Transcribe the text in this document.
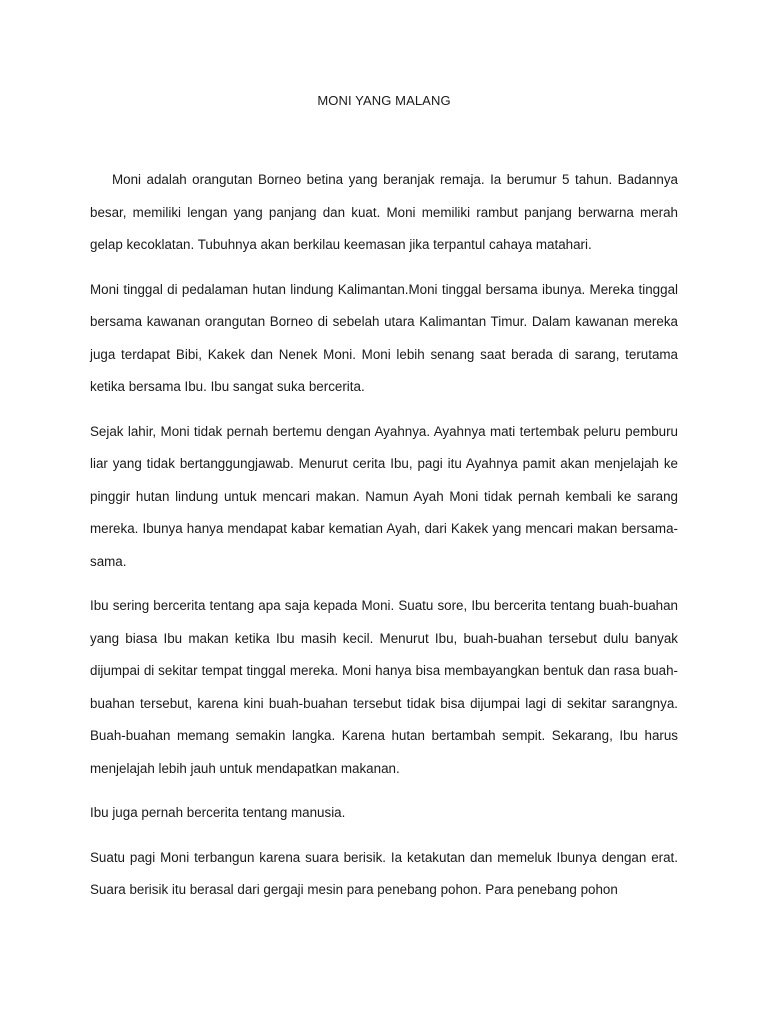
MONI YANG MALANG

Moni adalah orangutan Borneo betina yang beranjak remaja. Ia berumur 5 tahun. Badannya besar, memiliki lengan yang panjang dan kuat. Moni memiliki rambut panjang berwarna merah gelap kecoklatan. Tubuhnya akan berkilau keemasan jika terpantul cahaya matahari.

Moni tinggal di pedalaman hutan lindung Kalimantan.Moni tinggal bersama ibunya. Mereka tinggal bersama kawanan orangutan Borneo di sebelah utara Kalimantan Timur. Dalam kawanan mereka juga terdapat Bibi, Kakek dan Nenek Moni. Moni lebih senang saat berada di sarang, terutama ketika bersama Ibu. Ibu sangat suka bercerita.

Sejak lahir, Moni tidak pernah bertemu dengan Ayahnya. Ayahnya mati tertembak peluru pemburu liar yang tidak bertanggungjawab. Menurut cerita Ibu, pagi itu Ayahnya pamit akan menjelajah ke pinggir hutan lindung untuk mencari makan. Namun Ayah Moni tidak pernah kembali ke sarang mereka. Ibunya hanya mendapat kabar kematian Ayah, dari Kakek yang mencari makan bersama-sama.

Ibu sering bercerita tentang apa saja kepada Moni. Suatu sore, Ibu bercerita tentang buah-buahan yang biasa Ibu makan ketika Ibu masih kecil. Menurut Ibu, buah-buahan tersebut dulu banyak dijumpai di sekitar tempat tinggal mereka. Moni hanya bisa membayangkan bentuk dan rasa buah-buahan tersebut, karena kini buah-buahan tersebut tidak bisa dijumpai lagi di sekitar sarangnya. Buah-buahan memang semakin langka. Karena hutan bertambah sempit. Sekarang, Ibu harus menjelajah lebih jauh untuk mendapatkan makanan.

Ibu juga pernah bercerita tentang manusia.

Suatu pagi Moni terbangun karena suara berisik. Ia ketakutan dan memeluk Ibunya dengan erat. Suara berisik itu berasal dari gergaji mesin para penebang pohon. Para penebang pohon
